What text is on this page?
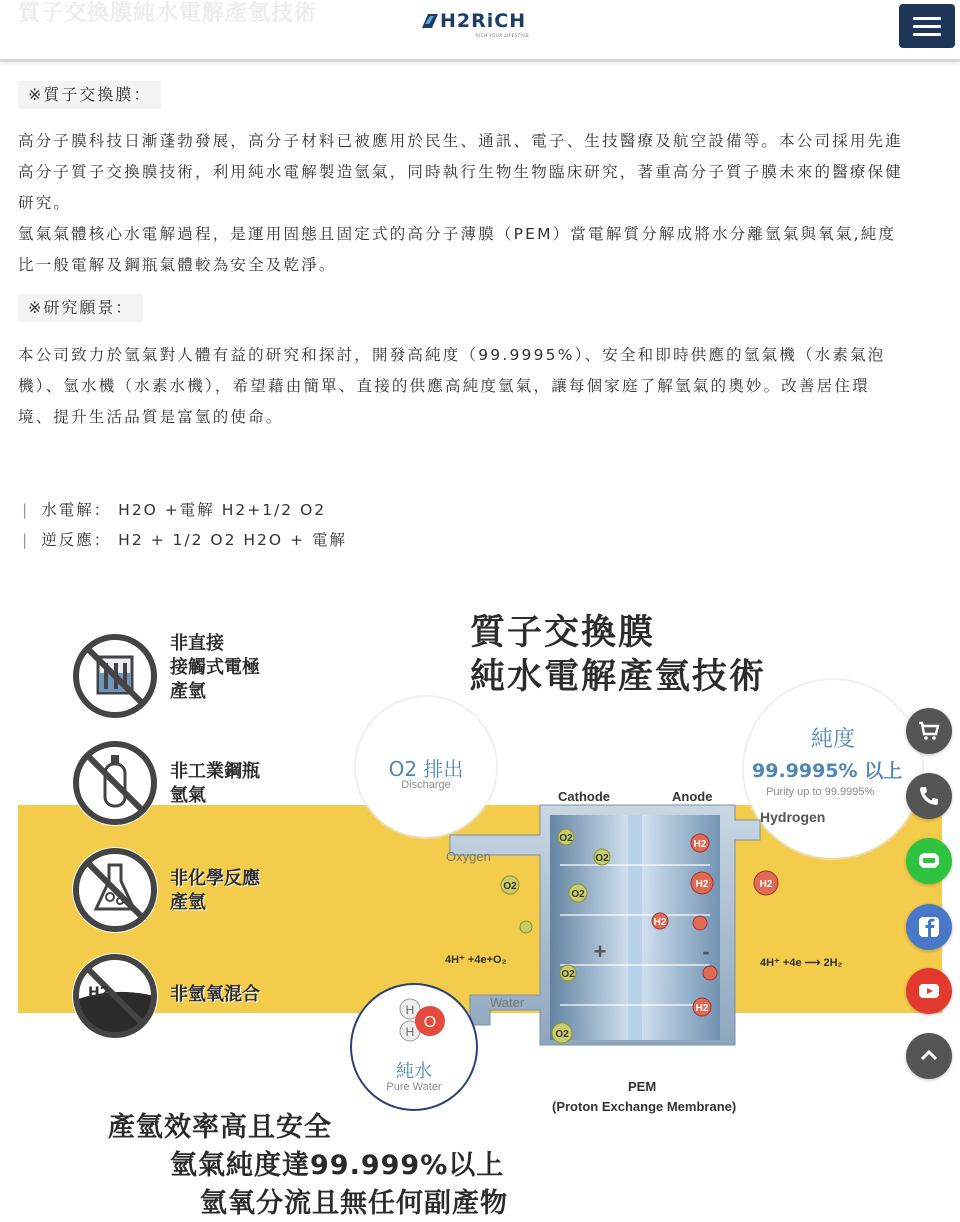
質子交換膜純水電解產氫技術	H2RiCH
RICH YOUR LIFESTYLE
※質子交換膜：

高分子膜科技日漸蓬勃發展，高分子材料已被應用於民生、通訊、電子、生技醫療及航空設備等。本公司採用先進

高分子質子交換膜技術，利用純水電解製造氫氣，同時執行生物生物臨床研究，著重高分子質子膜未來的醫療保健

研究。

氫氣氣體核心水電解過程，是運用固態且固定式的高分子薄膜（PEM）當電解質分解成將水分離氫氣與氧氣,純度

比一般電解及鋼瓶氣體較為安全及乾淨。

※研究願景：

本公司致力於氫氣對人體有益的研究和探討，開發高純度（99.9995%）、安全和即時供應的氫氣機（水素氣泡

機）、氫水機（水素水機），希望藉由簡單、直接的供應高純度氫氣，讓每個家庭了解氫氣的奧妙。改善居住環

境、提升生活品質是富氫的使命。

| 水電解： H2O +電解 H2+1/2 O2
| 逆反應： H2 + 1/2 O2 H2O + 電解
質子交換膜
純水電解產氫技術
非直接
接觸式電極
產氫
非工業鋼瓶
氫氣
非化學反應
產氫
H2	非氫氧混合
O2 排出
Discharge
純度
99.9995% 以上
Purity up to 99.9995%
O2
O2
O2
O2
O2
O2
H2
H2
H2
H2
H2
+	-
Cathode	Anode
Hydrogen
Oxygen
4H⁺ +4e+O₂	4H⁺ +4e ⟶ 2H₂
Water
PEM
(Proton Exchange Membrane)
H
H
O
純水
Pure Water
產氫效率高且安全
氫氣純度達99.999%以上
氫氧分流且無任何副產物
